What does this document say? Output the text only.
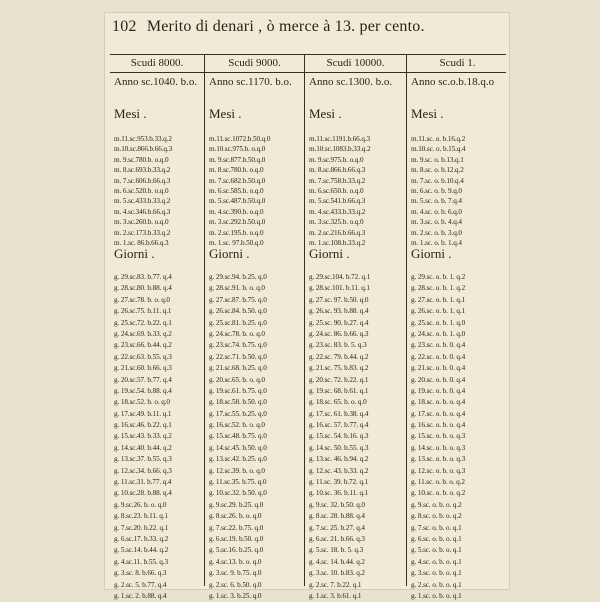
102 Merito di denari , ò merce à 13. per cento.
Scudi 8000.
Anno sc.1040. b.o.
Mesi .
m.11.sc.953.b.33.q.2
m.10.sc.866.b.66.q.3
m. 9.sc.780.b. o.q.0
m. 8.sc.693.b.33.q.2
m. 7.sc.606.b.66.q.3
m. 6.sc.520.b. o.q.0
m. 5.sc.433.b.33.q.2
m. 4.sc.346.b.66.q.3
m. 3.sc.260.b. o.q.0
m. 2.sc.173.b.33.q.2
m. 1.sc. 86.b.66.q.3
Giorni .
g. 29.sc.83. b.77. q.4
g. 28.sc.80. b.88. q.4
g. 27.sc.78. b. o. q.0
g. 26.sc.75. b.11. q.1
g. 25.sc.72. b.22. q.1
g. 24.sc.69. b.33. q.2
g. 23.sc.66. b.44. q.2
g. 22.sc.63. b.55. q.3
g. 21.sc.60. b.66. q.3
g. 20.sc.57. b.77. q.4
g. 19.sc.54. b.88. q.4
g. 18.sc.52. b. o. q.0
g. 17.sc.49. b.11. q.1
g. 16.sc.46. b.22. q.1
g. 15.sc.43. b.33. q.2
g. 14.sc.40. b.44. q.2
g. 13.sc.37. b.55. q.3
g. 12.sc.34. b.66. q.3
g. 11.sc.31. b.77. q.4
g. 10.sc.28. b.88. q.4
g. 9.sc.26. b. o. q.0
g. 8.sc.23. b.11. q.1
g. 7.sc.20. b.22. q.1
g. 6.sc.17. b.33. q.2
g. 5.sc.14. b.44. q.2
g. 4.sc.11. b.55. q.3
g. 3.sc. 8. b.66. q.3
g. 2.sc. 5. b.77. q.4
g. 1.sc. 2. b.88. q.4
Scudi 9000.
Anno sc.1170. b.o.
Mesi .
m.11.sc.1072.b.50.q.0
m.10.sc.975.b. o.q.0
m. 9.sc.877.b.50.q.0
m. 8.sc.780.b. o.q.0
m. 7.sc.682.b.50.q.0
m. 6.sc.585.b. o.q.0
m. 5.sc.487.b.50.q.0
m. 4.sc.390.b. o.q.0
m. 3.sc.292.b.50.q.0
m. 2.sc.195.b. o.q.0
m. 1.sc. 97.b.50.q.0
Giorni .
g. 29.sc.94. b.25. q.0
g. 28.sc.91. b. o. q.0
g. 27.sc.87. b.75. q.0
g. 26.sc.84. b.50. q.0
g. 25.sc.81. b.25. q.0
g. 24.sc.78. b. o. q.0
g. 23.sc.74. b.75. q.0
g. 22.sc.71. b.50. q.0
g. 21.sc.68. b.25. q.0
g. 20.sc.65. b. o. q.0
g. 19.sc.61. b.75. q.0
g. 18.sc.58. b.50. q.0
g. 17.sc.55. b.25. q.0
g. 16.sc.52. b. o. q.0
g. 15.sc.48. b.75. q.0
g. 14.sc.45. b.50. q.0
g. 13.sc.42. b.25. q.0
g. 12.sc.39. b. o. q.0
g. 11.sc.35. b.75. q.0
g. 10.sc.32. b.50. q.0
g. 9.sc.29. b.25. q.0
g. 8.sc.26. b. o. q.0
g. 7.sc.22. b.75. q.0
g. 6.sc.19. b.50. q.0
g. 5.sc.16. b.25. q.0
g. 4.sc.13. b. o. q.0
g. 3.sc. 9. b.75. q.0
g. 2.sc. 6. b.50. q.0
g. 1.sc. 3. b.25. q.0
Scudi 10000.
Anno sc.1300. b.o.
Mesi .
m.11.sc.1191.b.66.q.3
m.10.sc.1083.b.33.q.2
m. 9.sc.975.b. o.q.0
m. 8.sc.866.b.66.q.3
m. 7.sc.758.b.33.q.2
m. 6.sc.650.b. o.q.0
m. 5.sc.541.b.66.q.3
m. 4.sc.433.b.33.q.2
m. 3.sc.325.b. o.q.0
m. 2.sc.216.b.66.q.3
m. 1.sc.108.b.33.q.2
Giorni .
g. 29.sc.104. b.72. q.1
g. 28.sc.101. b.11. q.1
g. 27.sc. 97. b.50. q.0
g. 26.sc. 93. b.88. q.4
g. 25.sc. 90. b.27. q.4
g. 24.sc. 86. b.66. q.3
g. 23.sc. 83. b. 5. q.3
g. 22.sc. 79. b.44. q.2
g. 21.sc. 75. b.83. q.2
g. 20.sc. 72. b.22. q.1
g. 19.sc. 68. b.61. q.1
g. 18.sc. 65. b. o. q.0
g. 17.sc. 61. b.38. q.4
g. 16.sc. 57. b.77. q.4
g. 15.sc. 54. b.16. q.3
g. 14.sc. 50. b.55. q.3
g. 13.sc. 46. b.94. q.2
g. 12.sc. 43. b.33. q.2
g. 11.sc. 39. b.72. q.1
g. 10.sc. 36. b.11. q.1
g. 9.sc. 32. b.50. q.0
g. 8.sc. 28. b.88. q.4
g. 7.sc. 25. b.27. q.4
g. 6.sc. 21. b.66. q.3
g. 5.sc. 18. b. 5. q.3
g. 4.sc. 14. b.44. q.2
g. 3.sc. 10. b.83. q.2
g. 2.sc. 7. b.22. q.1
g. 1.sc. 3. b.61. q.1
Scudi 1.
Anno sc.o.b.18.q.o
Mesi .
m.11.sc. o. b.16.q.2
m.10.sc. o. b.15.q.4
m. 9.sc. o. b.13.q.1
m. 8.sc. o. b.12.q.2
m. 7.sc. o. b.10.q.4
m. 6.sc. o. b. 9.q.0
m. 5.sc. o. b. 7.q.4
m. 4.sc. o. b. 6.q.0
m. 3.sc. o. b. 4.q.4
m. 2.sc. o. b. 3.q.0
m. 1.sc. o. b. 1.q.4
Giorni .
g. 29.sc. o. b. 1. q.2
g. 28.sc. o. b. 1. q.2
g. 27.sc. o. b. 1. q.1
g. 26.sc. o. b. 1. q.1
g. 25.sc. o. b. 1. q.0
g. 24.sc. o. b. 1. q.0
g. 23.sc. o. b. 0. q.4
g. 22.sc. o. b. 0. q.4
g. 21.sc. o. b. 0. q.4
g. 20.sc. o. b. 0. q.4
g. 19.sc. o. b. 0. q.4
g. 18.sc. o. b. o. q.4
g. 17.sc. o. b. o. q.4
g. 16.sc. o. b. o. q.4
g. 15.sc. o. b. o. q.3
g. 14.sc. o. b. o. q.3
g. 13.sc. o. b. o. q.3
g. 12.sc. o. b. o. q.3
g. 11.sc. o. b. o. q.2
g. 10.sc. o. b. o. q.2
g. 9.sc. o. b. o. q.2
g. 8.sc. o. b. o. q.2
g. 7.sc. o. b. o. q.1
g. 6.sc. o. b. o. q.1
g. 5.sc. o. b. o. q.1
g. 4.sc. o. b. o. q.1
g. 3.sc. o. b. o. q.1
g. 2.sc. o. b. o. q.1
g. 1.sc. o. b. o. q.1
